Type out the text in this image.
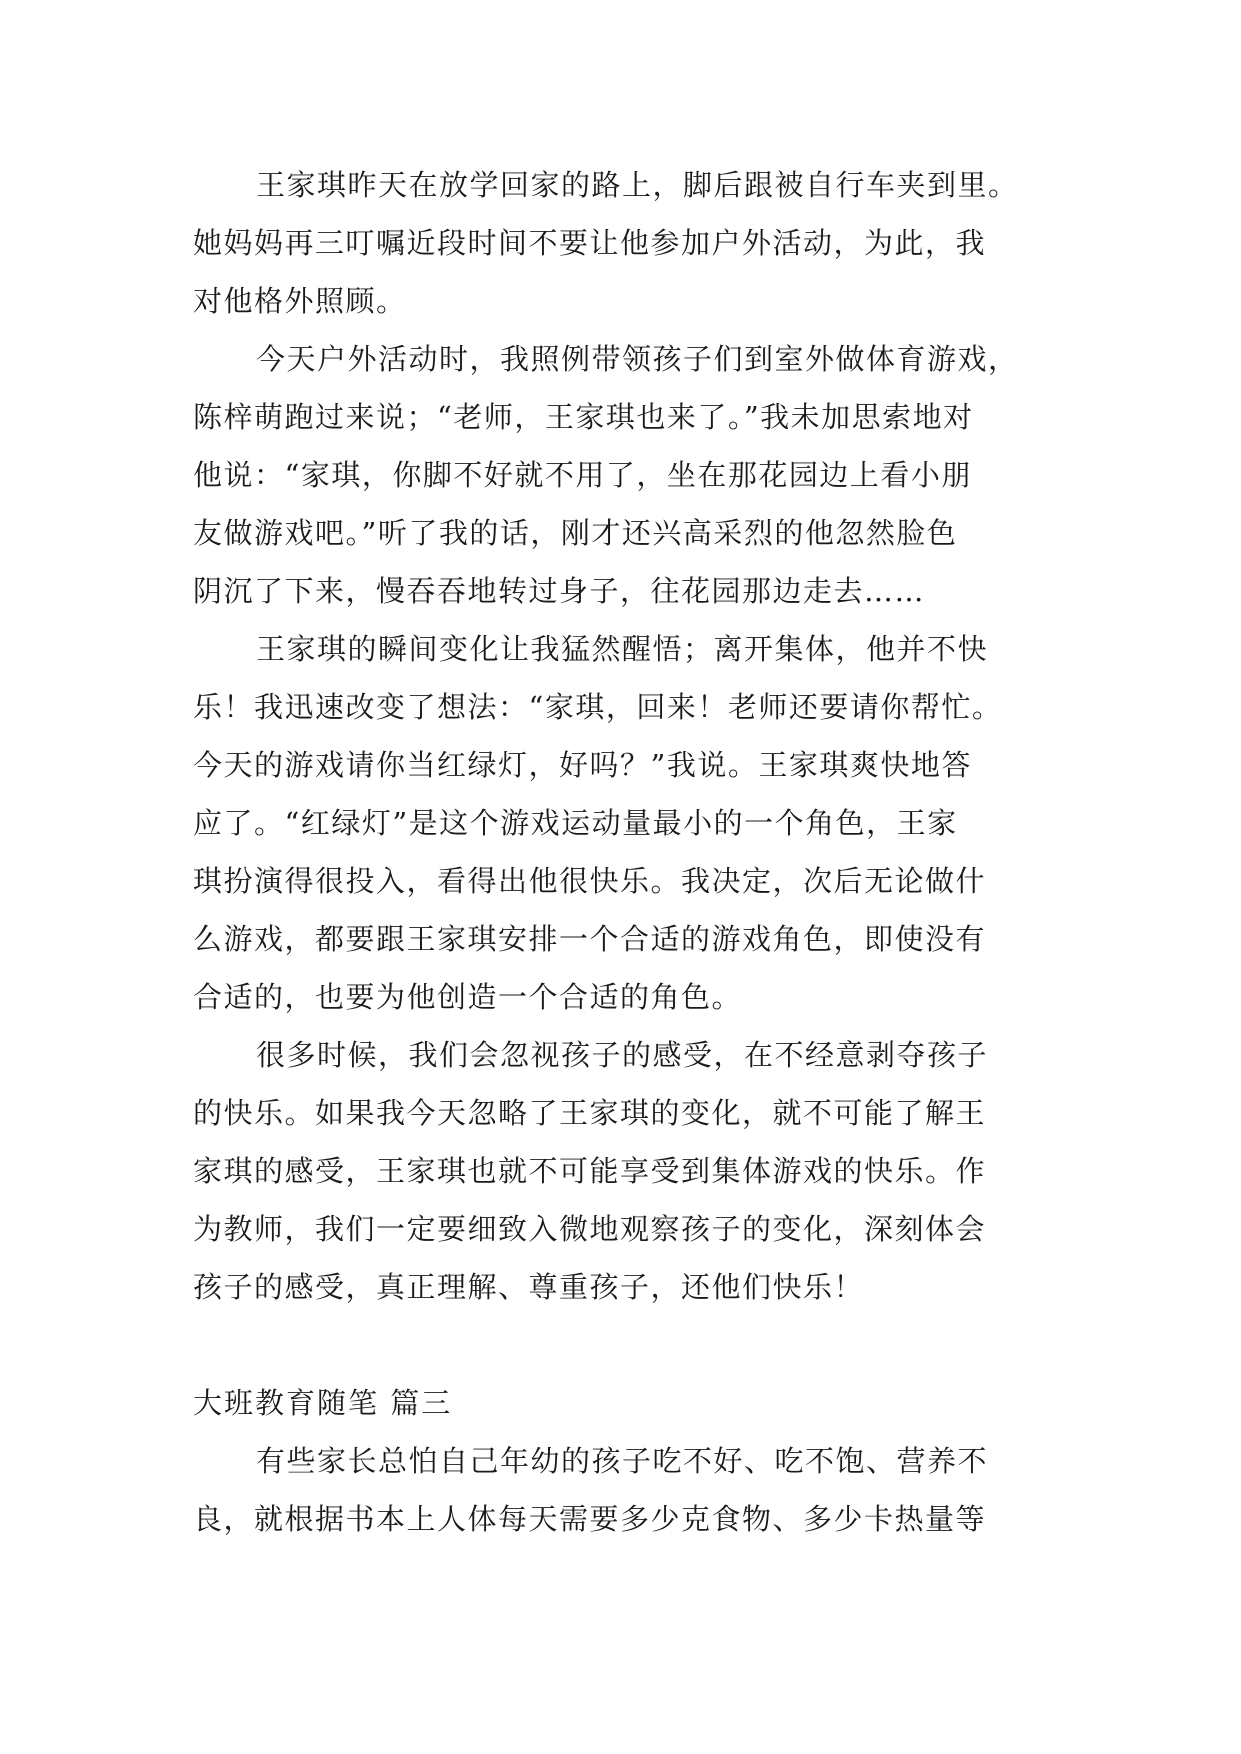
王家琪昨天在放学回家的路上，脚后跟被自行车夹到里。
她妈妈再三叮嘱近段时间不要让他参加户外活动，为此，我
对他格外照顾。
今天户外活动时，我照例带领孩子们到室外做体育游戏，
陈梓萌跑过来说；“老师，王家琪也来了。”我未加思索地对
他说：“家琪，你脚不好就不用了，坐在那花园边上看小朋
友做游戏吧。”听了我的话，刚才还兴高采烈的他忽然脸色
阴沉了下来，慢吞吞地转过身子，往花园那边走去……
王家琪的瞬间变化让我猛然醒悟；离开集体，他并不快
乐！我迅速改变了想法：“家琪，回来！老师还要请你帮忙。
今天的游戏请你当红绿灯，好吗？”我说。王家琪爽快地答
应了。“红绿灯”是这个游戏运动量最小的一个角色，王家
琪扮演得很投入，看得出他很快乐。我决定，次后无论做什
么游戏，都要跟王家琪安排一个合适的游戏角色，即使没有
合适的，也要为他创造一个合适的角色。
很多时候，我们会忽视孩子的感受，在不经意剥夺孩子
的快乐。如果我今天忽略了王家琪的变化，就不可能了解王
家琪的感受，王家琪也就不可能享受到集体游戏的快乐。作
为教师，我们一定要细致入微地观察孩子的变化，深刻体会
孩子的感受，真正理解、尊重孩子，还他们快乐！
大班教育随笔 篇三
有些家长总怕自己年幼的孩子吃不好、吃不饱、营养不
良，就根据书本上人体每天需要多少克食物、多少卡热量等
